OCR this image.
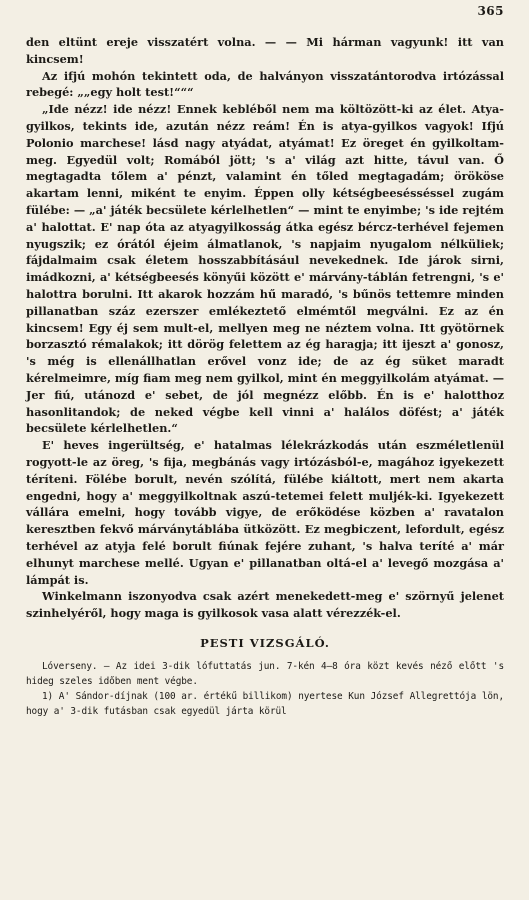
365

den eltünt ereje visszatért volna. — — Mi hárman vagyunk! itt van kincsem!

Az ifjú mohón tekintett oda, de halványon visszatántorodva irtózással rebegé: „„egy holt test!“““

„Ide nézz! ide nézz! Ennek kebléből nem ma költözött-ki az élet. Atya-gyilkos, tekints ide, azután nézz reám! Én is atya-gyilkos vagyok! Ifjú Polonio marchese! lásd nagy atyádat, atyámat! Ez öreget én gyilkoltam-meg. Egyedül volt; Romából jött; 's a' világ azt hitte, távul van. Ő megtagadta tőlem a' pénzt, valamint én tőled megtagadám; örököse akartam lenni, miként te enyim. Éppen olly kétségbeesésséssel zugám fülébe: — „a' játék becsülete kérlelhetlen“ — mint te enyimbe; 's ide rejtém a' halottat. E' nap óta az atyagyilkosság átka egész bércz-terhével fejemen nyugszik; ez órától éjeim álmatlanok, 's napjaim nyugalom nélküliek; fájdalmaim csak életem hosszabbításául nevekednek. Ide járok sirni, imádkozni, a' kétségbeesés könyűi között e' márvány-táblán fetrengni, 's e' halottra borulni. Itt akarok hozzám hű maradó, 's bűnös tettemre minden pillanatban száz ezerszer emlékeztető elmémtől megválni. Ez az én kincsem! Egy éj sem mult-el, mellyen meg ne néztem volna. Itt gyötörnek borzasztó rémalakok; itt dörög felettem az ég haragja; itt ijeszt a' gonosz, 's még is ellenállhatlan erővel vonz ide; de az ég süket maradt kérelmeimre, míg fiam meg nem gyilkol, mint én meggyilkolám atyámat. — Jer fiú, utánozd e' sebet, de jól megnézz előbb. Én is e' halotthoz hasonlitandok; de neked végbe kell vinni a' halálos döfést; a' játék becsülete kérlelhetlen.“

E' heves ingerültség, e' hatalmas lélekrázkodás után eszméletlenül rogyott-le az öreg, 's fija, megbánás vagy irtózásból-e, magához igyekezett téríteni. Fölébe borult, nevén szólítá, fülébe kiáltott, mert nem akarta engedni, hogy a' meggyilkoltnak aszú-tetemei felett muljék-ki. Igyekezett vállára emelni, hogy tovább vigye, de erőködése közben a' ravatalon keresztben fekvő márványtáblába ütközött. Ez megbiczent, lefordult, egész terhével az atyja felé borult fiúnak fejére zuhant, 's halva teríté a' már elhunyt marchese mellé. Ugyan e' pillanatban oltá-el a' levegő mozgása a' lámpát is.

Winkelmann iszonyodva csak azért menekedett-meg e' szörnyű jelenet szinhelyéről, hogy maga is gyilkosok vasa alatt vérezzék-el.

PESTI VIZSGÁLÓ.

Lóverseny. — Az idei 3-dik lófuttatás jun. 7-kén 4—8 óra közt kevés néző előtt 's hideg szeles időben ment végbe.

1) A' Sándor-díjnak (100 ar. értékű billikom) nyertese Kun József Allegrettója lön, hogy a' 3-dik futásban csak egyedül járta körül
